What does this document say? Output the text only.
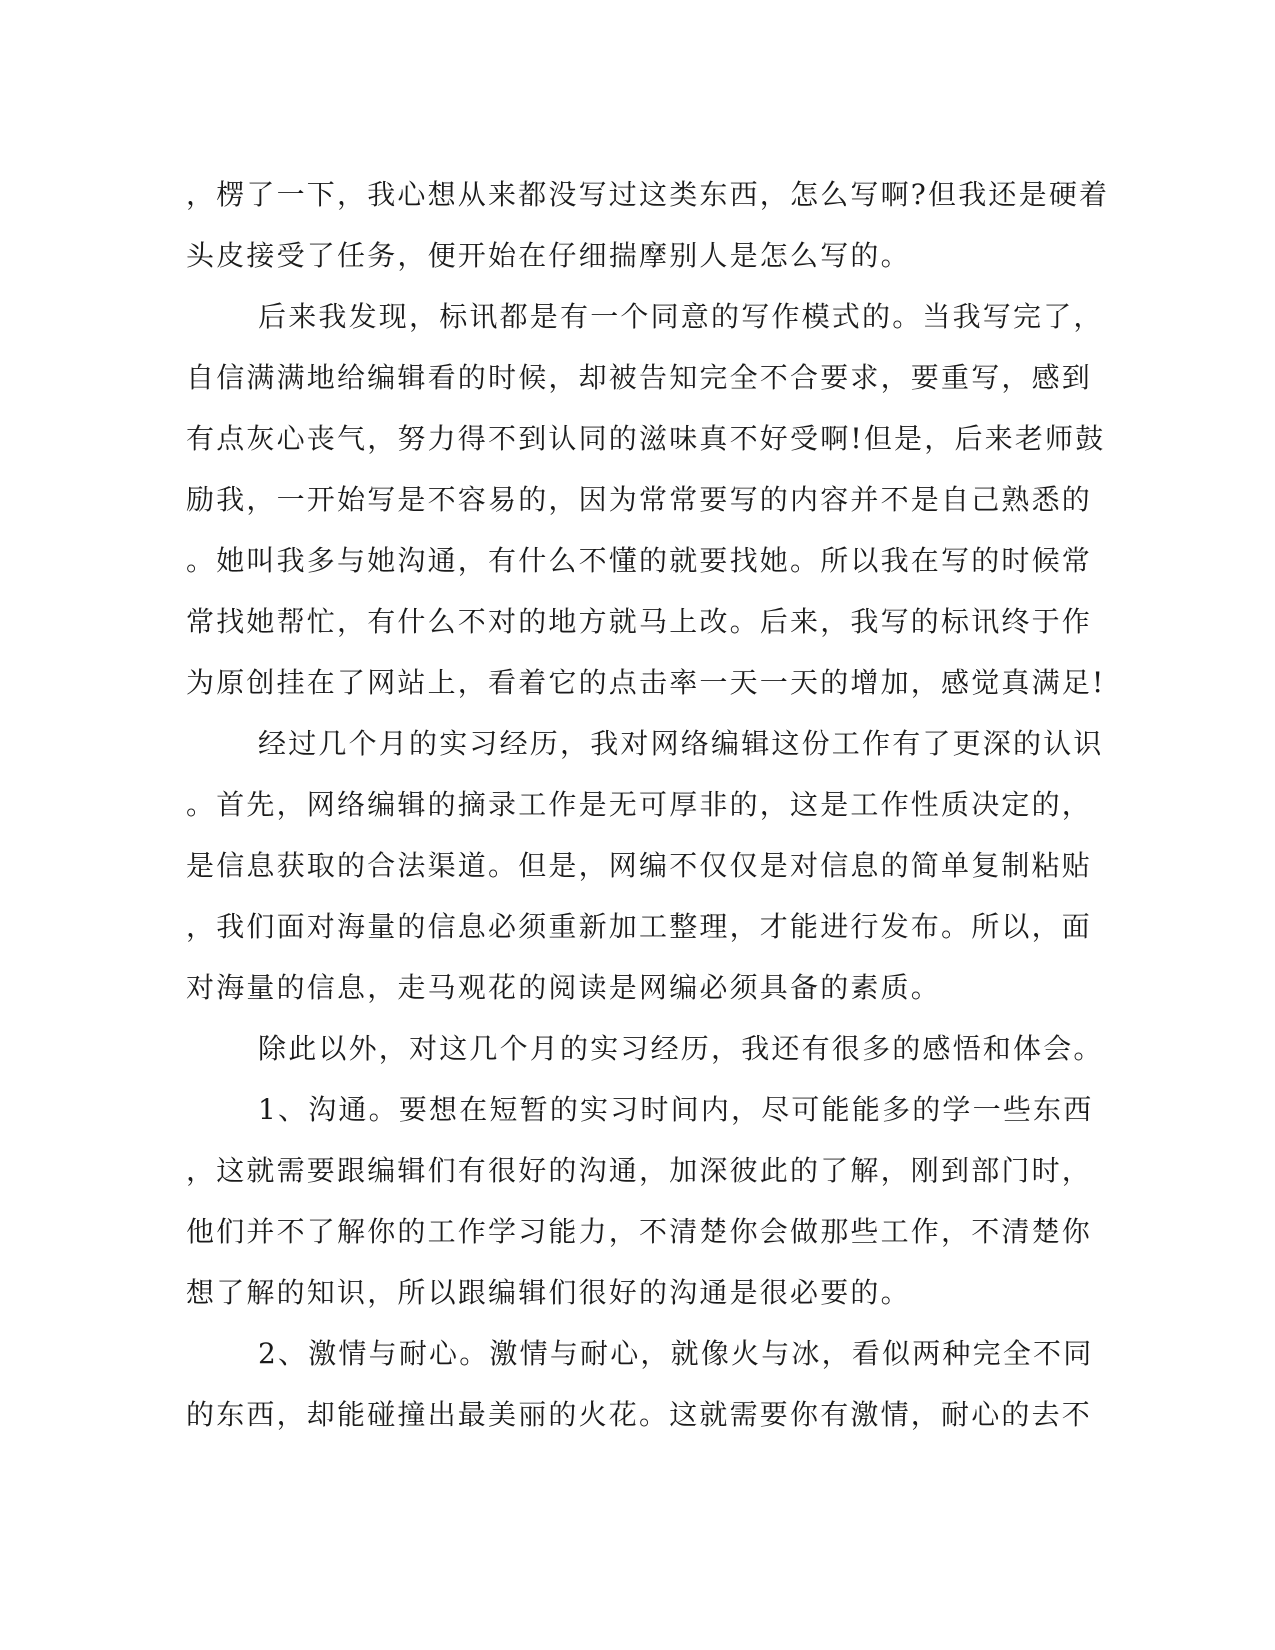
，楞了一下，我心想从来都没写过这类东西，怎么写啊?但我还是硬着
头皮接受了任务，便开始在仔细揣摩别人是怎么写的。
后来我发现，标讯都是有一个同意的写作模式的。当我写完了，
自信满满地给编辑看的时候，却被告知完全不合要求，要重写，感到
有点灰心丧气，努力得不到认同的滋味真不好受啊!但是，后来老师鼓
励我，一开始写是不容易的，因为常常要写的内容并不是自己熟悉的
。她叫我多与她沟通，有什么不懂的就要找她。所以我在写的时候常
常找她帮忙，有什么不对的地方就马上改。后来，我写的标讯终于作
为原创挂在了网站上，看着它的点击率一天一天的增加，感觉真满足!
经过几个月的实习经历，我对网络编辑这份工作有了更深的认识
。首先，网络编辑的摘录工作是无可厚非的，这是工作性质决定的，
是信息获取的合法渠道。但是，网编不仅仅是对信息的简单复制粘贴
，我们面对海量的信息必须重新加工整理，才能进行发布。所以，面
对海量的信息，走马观花的阅读是网编必须具备的素质。
除此以外，对这几个月的实习经历，我还有很多的感悟和体会。
1、沟通。要想在短暂的实习时间内，尽可能能多的学一些东西
，这就需要跟编辑们有很好的沟通，加深彼此的了解，刚到部门时，
他们并不了解你的工作学习能力，不清楚你会做那些工作，不清楚你
想了解的知识，所以跟编辑们很好的沟通是很必要的。
2、激情与耐心。激情与耐心，就像火与冰，看似两种完全不同
的东西，却能碰撞出最美丽的火花。这就需要你有激情，耐心的去不
